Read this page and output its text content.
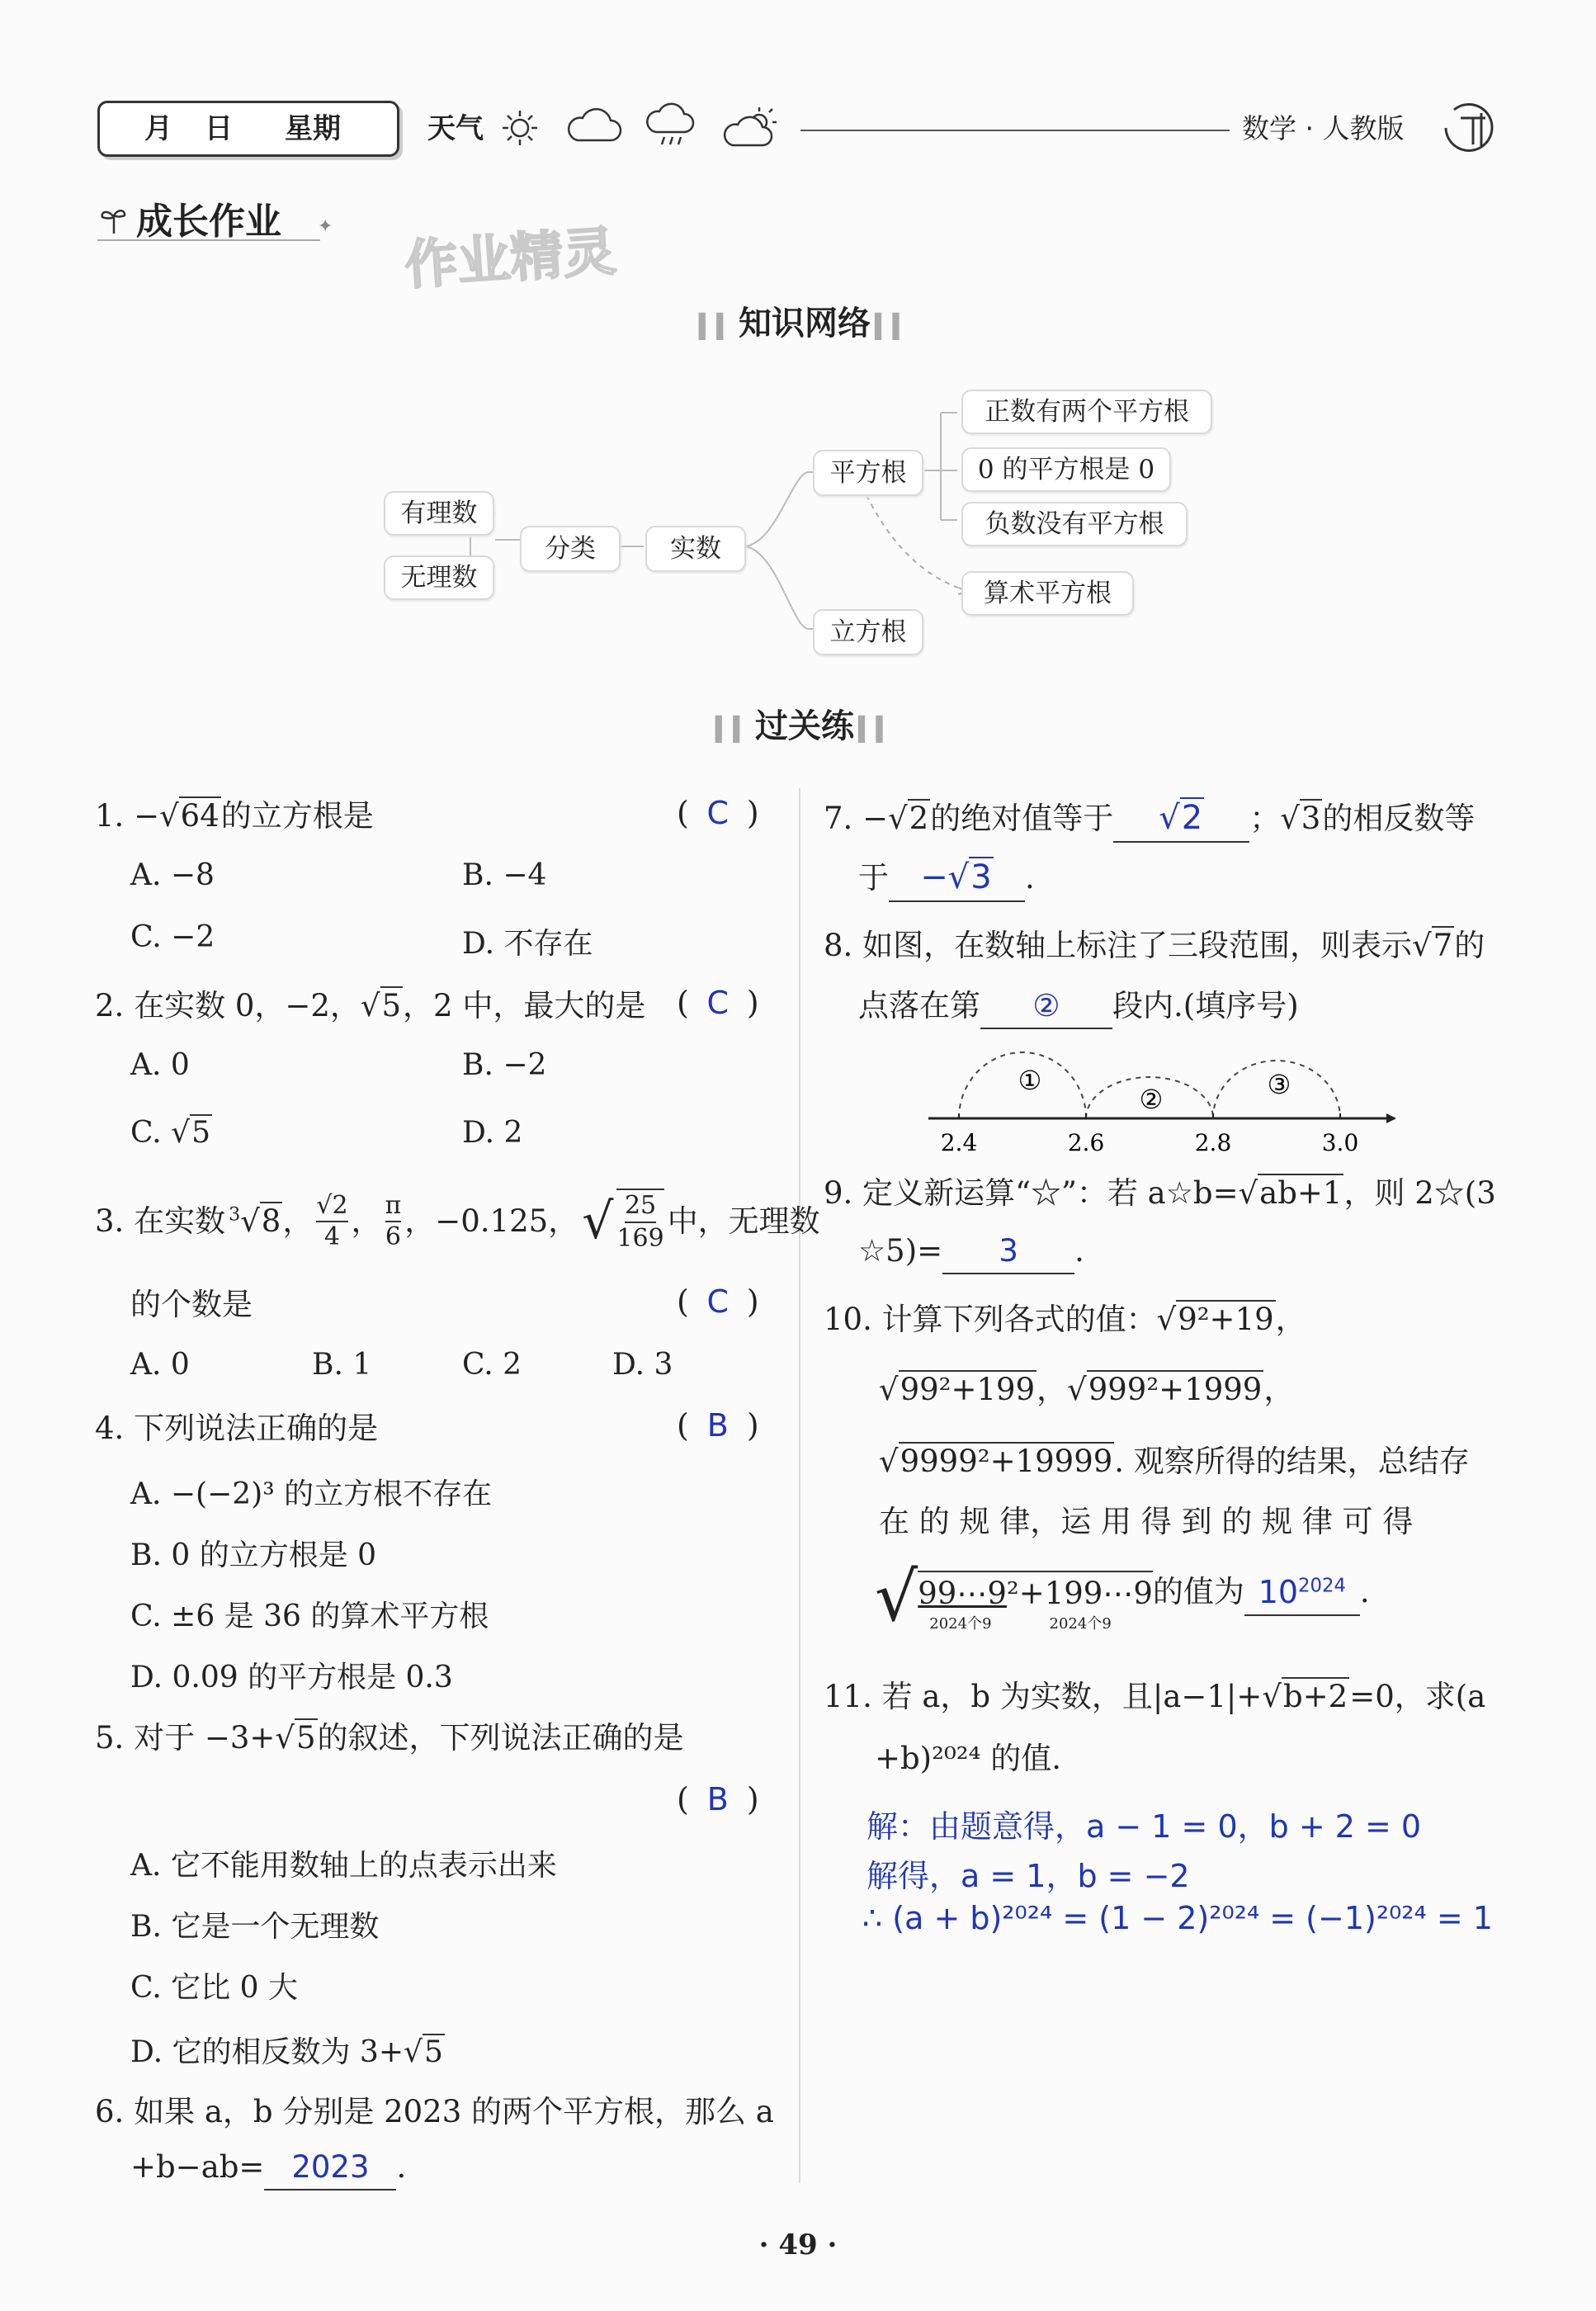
月 日 星期	天气	数学 · 人教版
成长作业 ✦ 作业精灵
▍▍ 知识网络 ▍▍
有理数
无理数
分类	实数
平方根
立方根
正数有两个平方根
0 的平方根是 0
负数没有平方根
算术平方根
▍▍ 过关练 ▍▍
1. −√64的立方根是	( C )
A. −8	B. −4
C. −2	D. 不存在
2. 在实数 0，−2，√5，2 中，最大的是 ( C )
A. 0	B. −2
C. √5	D. 2
3. 在实数 $^3$√8， √2
4 ， π
6 ，−0.125， √ 25
169 中，无理数
的个数是	( C )
A. 0	B. 1	C. 2	D. 3
4. 下列说法正确的是	( B )
A. −(−2)³ 的立方根不存在
B. 0 的立方根是 0
C. ±6 是 36 的算术平方根
D. 0.09 的平方根是 0.3
5. 对于 −3+√5的叙述，下列说法正确的是
( B )
A. 它不能用数轴上的点表示出来
B. 它是一个无理数
C. 它比 0 大
D. 它的相反数为 3+√5
6. 如果 a，b 分别是 2023 的两个平方根，那么 a
+b−ab= 2023 .
7. −√2的绝对值等于 √2 ；√3的相反数等
于 −√3 .
8. 如图，在数轴上标注了三段范围，则表示√7的
点落在第 ② 段内.(填序号)
2.4	2.6	2.8	3.0
①
②	③
9. 定义新运算“☆”：若 a☆b=√ab+1，则 2☆(3
☆5)= 3 .
10. 计算下列各式的值：√9²+19，
√99²+199，√999²+1999，
√9999²+19999. 观察所得的结果，总结存
在 的 规 律，运 用 得 到 的 规 律 可 得
√ 99⋯9²+199⋯9
2024个9	2024个9
的值为 $10^{2024}$ .
11. 若 a，b 为实数，且|a−1|+√b+2=0，求(a
+b)²⁰²⁴ 的值.
解：由题意得，a − 1 = 0，b + 2 = 0
解得，a = 1，b = −2
∴ (a + b)²⁰²⁴ = (1 − 2)²⁰²⁴ = (−1)²⁰²⁴ = 1
· 49 ·
